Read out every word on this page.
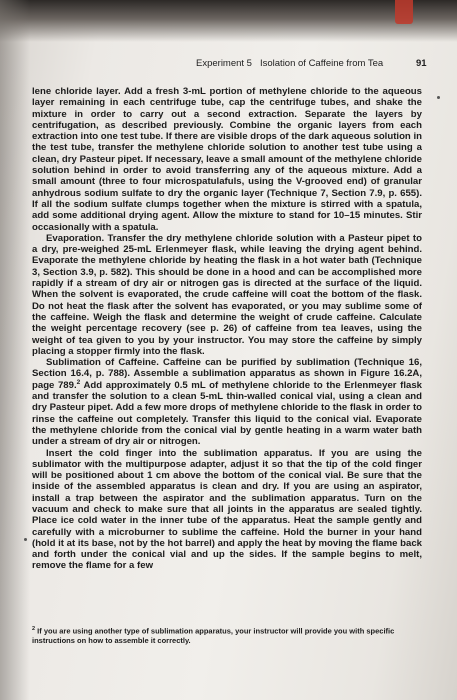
Experiment 5 Isolation of Caffeine from Tea	91

lene chloride layer. Add a fresh 3-mL portion of methylene chloride to the aqueous layer remaining in each centrifuge tube, cap the centrifuge tubes, and shake the mixture in order to carry out a second extraction. Separate the layers by centrifugation, as described previously. Combine the organic layers from each extraction into one test tube. If there are visible drops of the dark aqueous solution in the test tube, transfer the methylene chloride solution to another test tube using a clean, dry Pasteur pipet. If necessary, leave a small amount of the methylene chloride solution behind in order to avoid transferring any of the aqueous mixture. Add a small amount (three to four microspatulafuls, using the V-grooved end) of granular anhydrous sodium sulfate to dry the organic layer (Technique 7, Section 7.9, p. 655). If all the sodium sulfate clumps together when the mixture is stirred with a spatula, add some additional drying agent. Allow the mixture to stand for 10–15 minutes. Stir occasionally with a spatula.

Evaporation. Transfer the dry methylene chloride solution with a Pasteur pipet to a dry, pre-weighed 25-mL Erlenmeyer flask, while leaving the drying agent behind. Evaporate the methylene chloride by heating the flask in a hot water bath (Technique 3, Section 3.9, p. 582). This should be done in a hood and can be accomplished more rapidly if a stream of dry air or nitrogen gas is directed at the surface of the liquid. When the solvent is evaporated, the crude caffeine will coat the bottom of the flask. Do not heat the flask after the solvent has evaporated, or you may sublime some of the caffeine. Weigh the flask and determine the weight of crude caffeine. Calculate the weight percentage recovery (see p. 26) of caffeine from tea leaves, using the weight of tea given to you by your instructor. You may store the caffeine by simply placing a stopper firmly into the flask.

Sublimation of Caffeine. Caffeine can be purified by sublimation (Technique 16, Section 16.4, p. 788). Assemble a sublimation apparatus as shown in Figure 16.2A, page 789.$^2$ Add approximately 0.5 mL of methylene chloride to the Erlenmeyer flask and transfer the solution to a clean 5-mL thin-walled conical vial, using a clean and dry Pasteur pipet. Add a few more drops of methylene chloride to the flask in order to rinse the caffeine out completely. Transfer this liquid to the conical vial. Evaporate the methylene chloride from the conical vial by gentle heating in a warm water bath under a stream of dry air or nitrogen.

Insert the cold finger into the sublimation apparatus. If you are using the sublimator with the multipurpose adapter, adjust it so that the tip of the cold finger will be positioned about 1 cm above the bottom of the conical vial. Be sure that the inside of the assembled apparatus is clean and dry. If you are using an aspirator, install a trap between the aspirator and the sublimation apparatus. Turn on the vacuum and check to make sure that all joints in the apparatus are sealed tightly. Place ice cold water in the inner tube of the apparatus. Heat the sample gently and carefully with a microburner to sublime the caffeine. Hold the burner in your hand (hold it at its base, not by the hot barrel) and apply the heat by moving the flame back and forth under the conical vial and up the sides. If the sample begins to melt, remove the flame for a few

$^2$ If you are using another type of sublimation apparatus, your instructor will provide you with specific instructions on how to assemble it correctly.
